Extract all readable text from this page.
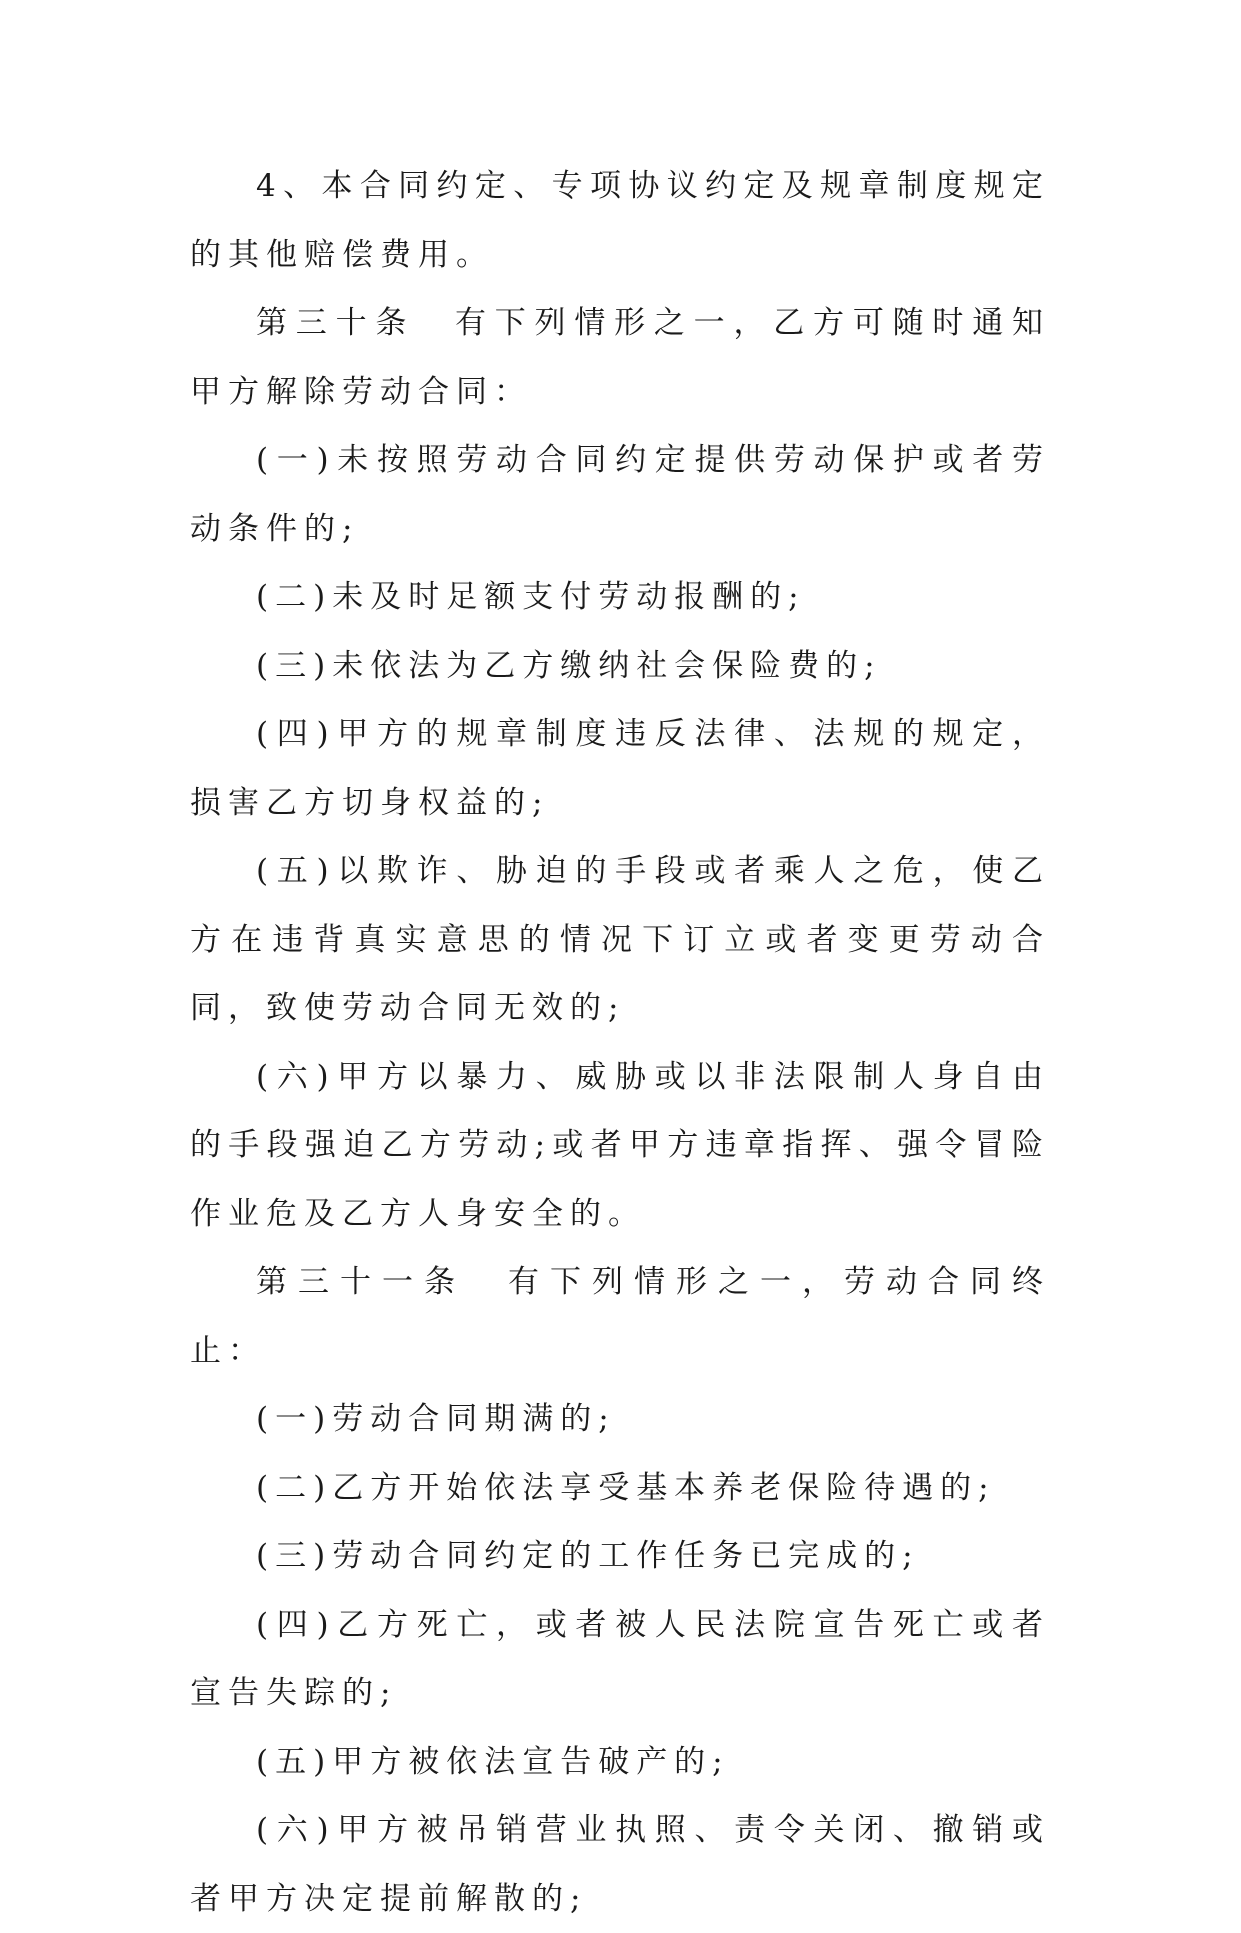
4、本合同约定、专项协议约定及规章制度规定的其他赔偿费用。

第三十条　有下列情形之一，乙方可随时通知甲方解除劳动合同：

(一)未按照劳动合同约定提供劳动保护或者劳动条件的;

(二)未及时足额支付劳动报酬的;

(三)未依法为乙方缴纳社会保险费的;

(四)甲方的规章制度违反法律、法规的规定，损害乙方切身权益的;

(五)以欺诈、胁迫的手段或者乘人之危，使乙方在违背真实意思的情况下订立或者变更劳动合同，致使劳动合同无效的;

(六)甲方以暴力、威胁或以非法限制人身自由的手段强迫乙方劳动;或者甲方违章指挥、强令冒险作业危及乙方人身安全的。

第三十一条　有下列情形之一，劳动合同终止：

(一)劳动合同期满的;

(二)乙方开始依法享受基本养老保险待遇的;

(三)劳动合同约定的工作任务已完成的;

(四)乙方死亡，或者被人民法院宣告死亡或者宣告失踪的;

(五)甲方被依法宣告破产的;

(六)甲方被吊销营业执照、责令关闭、撤销或者甲方决定提前解散的;
